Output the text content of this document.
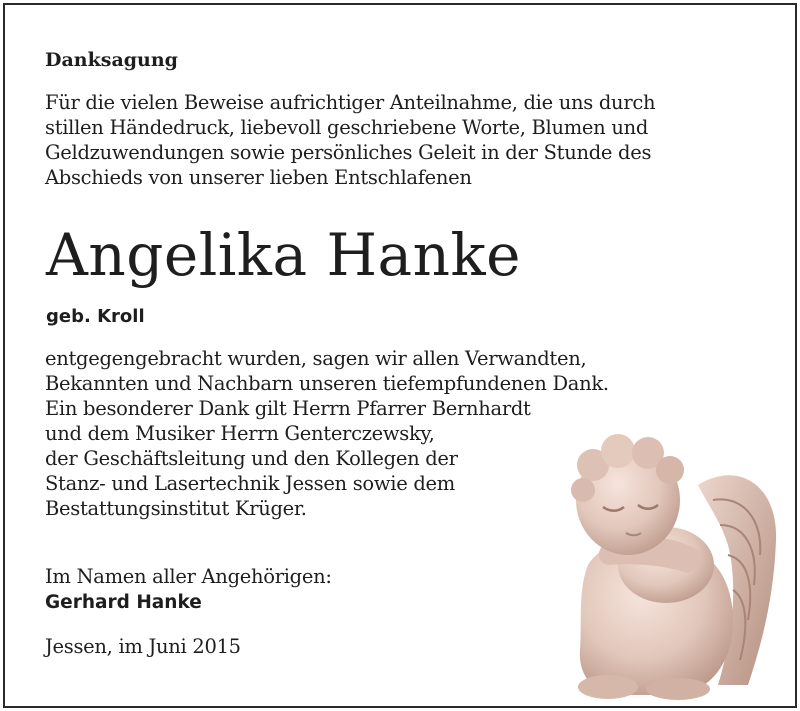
Danksagung

Für die vielen Beweise aufrichtiger Anteilnahme, die uns durch
stillen Händedruck, liebevoll geschriebene Worte, Blumen und
Geldzuwendungen sowie persönliches Geleit in der Stunde des
Abschieds von unserer lieben Entschlafenen

Angelika Hanke

geb. Kroll

entgegengebracht wurden, sagen wir allen Verwandten,
Bekannten und Nachbarn unseren tiefempfundenen Dank.
Ein besonderer Dank gilt Herrn Pfarrer Bernhardt
und dem Musiker Herrn Genterczewsky,
der Geschäftsleitung und den Kollegen der
Stanz- und Lasertechnik Jessen sowie dem
Bestattungsinstitut Krüger.

Im Namen aller Angehörigen:

Gerhard Hanke

Jessen, im Juni 2015
